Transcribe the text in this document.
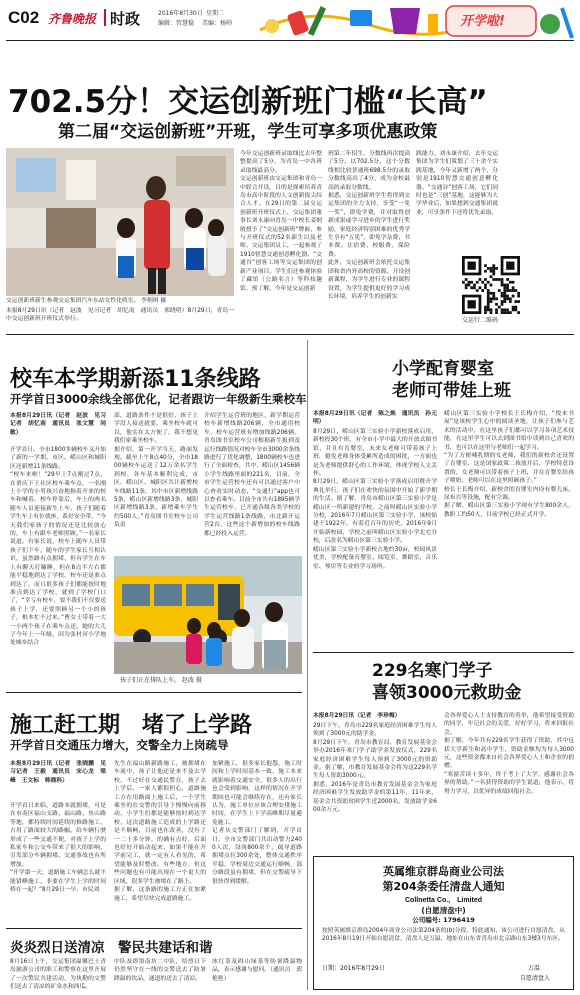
C02 齐鲁晚报 时政	2016年8月30日 星期二
编辑：管慧稳 美编：杨帅	开学啦!
702.5分！交运创新班门槛“长高”
第二届“交运创新班”开班，学生可享多项优惠政策
交运创新班新生参观交运集团汽车东站女性化收室。 李炳琪 摄
本报8月29日讯（记者　赵波　见习记者　胡忆南　通讯员　邢晓明）8月29日，青岛一中交运创新班开班仪式举行。
今年交运创新班录取线比去年整整提高了5分，为青岛一中各班录取线最高分。
交运创新班由交运集团和青岛一中联合开设，目的是探索培养青岛市高中阶段的人文创新拔尖综合人才。在29日的第二届交运创新班开班仪式上，交运集团董事长刘永康向青岛一中校长姜炳般授予了“交运创新班”牌匾，参与开班仪式的52名新生以及老师、交运集团员工，一起参观了1910智慧交通创意孵化器、“交通谷”创客工场等交运集团的创新产业项目，学生们还参观体验了藏馆（公路名言）等科技趣馆、预了解，今年是交运创新
班第二年招生，分数线再次提高了5分，以702.5分，这个分数线相比较普通班698.5分的录取分数线高出了4分，成为金校最高的录取分数线。
据悉，交运创新班学生将得到交运集团的全力支持，享受“一免一奖”，即免学费，并对取得创新成果或学习进步的学生进行奖励，家庭经济特别困难的优秀学生享有“五免”，即免学杂费、书本费、住宿费、校服费、保险费。
此外，交运创新班会依托交运集团和省内外高校的资源，开设创新课程，为学生进行专业的课程设置，为学生提供更好的学习成长环境，培养学生的创新实
践能力。刘永康介绍，去年交运集团为学生们策划了三十余个实践基地，今年又新增了两个，分别是1910智慧交通创意孵化器、“交通谷”创客工场，它们同时也是“三创”基地，这能够为大学毕业后，如果想到交通集团就业，可享条件下还将优先录取。
交运行二维码
校车本学期新添11条线路
开学首日3000余线全部优化，记者跟访一年级新生乘校车
本报8月29日讯（记者　赵波　见习记者　胡忆南　通讯员　张文慧　同敏）
开学首日，全市1800多辆校车又开始了新的一学期，市区、崂山区和城阳区还新增11条线路。
“校车来啦！”29早上7点刚过7点，在重庆下王社区校车乘车点，一名刚上小学的小男孩兴奋地指着开来的校车和喊着，校车停靠后，车上的两名随车人员迎接新生上车。孩子们随着学生车上有位就座，系好安全带。“今天我们家孩子的情况还是比较放心的，车上有跟车老师照顾。”一名家长说道。有家长说，校车上随车人员带孩子们下车，随车的学生家长互相认识，虽然路有点拥堵，但有学生在车上有聊天打瞌睡，但在8点半左右都能平稳地到达了学校，校车还是准点到达了，而且很多孩子们都能按时地准点到达了学校，就到了学校门口了，“幸亏有校车，要不我们不仅要送孩子上学，还要照顾另一个小的孩子，根本忙不过来。”曹女士带着一大一小两个孩子在乘车点送，她的大儿子今年上一年级，因为张村河小学地处城乡结合
部，道路条件不是很好，孩子上学没人接送就要，乘坐校车就可以，他实在太方便了，我不想见我们家乘坐校车。
据介绍，第一开学当天，路面发现，截至上午8点40分，全市1800辆校车运送了12万余名学生到校，各车基本顺利完成，市区、崂山区、城阳区共计新增校车线路11条，其中市区新增线路5条，崂山区新增线路3条，城阳区新增线路3条，新增乘车学生约500人。”青岛图书室校车公司负责
介绍学生运营班的地区，新学期运营校车新增线路206辆，全市通用校车、校车运营班有增加线路206辆。青岛图书室校车公司根据新生报到及运行线路情况对校车全市3000余条线路进行了优化调整，1800辆校车也进行了全面检查，共中，崂山区1456辆小学生线路里面的221名，目前，全市学生运营校车还有可以通过客户中心查看实时动态，“交通行”app也可以查看乘车。目前全市共有1895辆学生运营校车，已开通各级各类学校的学生运营线路1条线路，市北新开运营2台，这些这个新增加的校车线路都已经投入运营。
孩子们正在排队上车。 赵波 摄
施工赶工期　堵了上学路
开学首日交通压力增大，交警全力上岗疏导
本报8月29日讯（记者　张晓鹏　见习记者　王毅　通讯员　宋心龙　梁峰　王文标　韩鼎科）
开学首日来临，道路本就拥堵，可是在市南区福山支路、福山路、鱼山路等地，都持续时间延续的修路施工，占用了路面较大的路幅，给车辆行驶形成了一些交通不便，对孩子上学的私家车和公交车带来了很大的影响，引发部分车辆拥堵、交通事故也有所增加。
“开学第一天，道路施工车辆怎么就不能错峰施工，非要在学生上学的时间桥在一起？”8月29日一早，市民刘
先生在福山路新路施工，被拥堵在车流中，孩子让他还是来不及去学校，不过好在交通民警在，孩子去上学后，一家人都很担心，道路施工方在用路面上施工后，一个学生乘坐的在交警的引导下慢慢向前移动，小学生们都是能够按时到达学校，这次道路施工造成的上学路还是不顺畅，目前也在改善，没有了一二十多分钟，的确有点好，后面也好好开始动起来，如果不能在开学前完工，就一定有人看见的，希望能够及时整改。有些地方，但这些问题也有可能出现在一个更大的区域，很多学生被堵在了路上。
据了解，这条路的施工方正在加紧施工，希望尽快完成道路施工。
加紧施工，很多家长抱怨，施工时间和上学时间基本一致，施工本来就影响着交通安全，很多人的出行也会受到影响，这样的情况在开学期间也可能会继续存在，还有家长认为，施工单位应该合理安排施工时间，在学生上下学高峰期尽量避免施工。
记者从交警部门了解到，开学首日，全市交警部门共出动警力2400人次，设岗800余个，疏导道路拥堵点位300余处，整体交通秩序平稳，学校周边交通运行顺畅，部分路段虽有拥堵，但在交警疏导下很快得到缓解。
炎炎烈日送清凉　警民共建话和谐
8月16日上午，交运集团温馨巴士青岛旅游公司的职工和警察在这里开展了一次警民共建活动，为执勤的交警们送去了清凉的矿泉水和西瓜。
中队及即墨南坊二中队，给烈日下仍然坚守在一线的交警送去了防暑降温的饮品，通道的送去了清凉。
冰红茶及碍山绿茶等防暑降温物品，表示感谢与慰问。（通讯员　郭艳艳）
小学配育婴室
老师可带娃上班
本报8月29日讯（记者　陈之焕　通讯员　孙元明）
8月29日，崂山区第三实验小学新校落成启用，新校投30个班，有全市小学中最大的开放式图书馆，并且有育婴室，未来女老师可带着孩子上班，避免老师身体受累所造成的困扰，一方面也是为老师提供舒心的工作环境，体现学校人文关怀。
8月29日，崂山区第三实验小学落成启用暨开学典礼举行，孩子们在欢快的氛围中开始了新学期的生活。据了解，青岛市崂山区第三实验小学是崂山区一所新建的学校，之前叫崂山区实验小学分校，2016年7月崂山区第三实验小学，该校始建于1922年，有着近百年的历史，2016年9月开始新校园，学校之前叫崂山区实验小学北宅分校，后改名为崂山区第三实验小学。
崂山区第三实验小学新校占地约30亩，校园风景优美，学校配备育婴室、阅览室、舞蹈室、音乐室、琴房等专业的学习场所。
崂山区第三实验小学校长王长梅介绍，“悦来书屋”是该校学生心中的阅读圣地，让孩子们参与艺术的活动中，在这里孩子们都可以学习各项艺术技能，在这里学生可以去到图书馆中读到自己喜欢的书，也可以在这里与老师们一起学习。
“为了方便哺乳期的女老师，我们的新校舍还设置了育婴室，这是国家政策二孩放开后，学校特意设置的，女老师可以带着孩子上班，并在育婴室给孩子喂奶，老师可以在这里照顾孩子。”
校长王长梅介绍，新校舍的育婴室内设有婴儿床、尿布台等设施，配有空调。
据了解，崂山区第三实验小学现有学生800余人，教职工约50人，目前学校已经正式开学。
229名寒门学子
喜领3000元救助金
本报8月29日讯（记者　李珍梅）
29日下午，青岛市229名家庭经济困难学生每人领到了3000元的助学金。
8月29日下午，青岛市教育局、教育发展基金会举办2016年寒门学子助学金发放仪式，229名家庭经济困难学生每人领到了3000元的资助金。据了解，市教育发展基金会将为这229名学生每人资助3000元。
据悉，2016年是青岛市教育发展基金会为家庭经济困难学生发放助学金的第11年，11年来，基金会共资助贫困学生近2000名，发放助学金600余万元。
会各界爱心人士支持教育的善举，他希望接受资助的同学，牢记社会的关爱，好好学习，将来回报社会。
据了解，今年共有229名学生获得了资助，其中包括大学新生和高中学生，资助金额均为每人3000元，这些资金都来自社会各界爱心人士和企业的捐赠。
“寒窗苦读十多年，终于考上了大学，感谢社会各界的帮助。”一名获得资助的学生说道，他表示，将努力学习，以优异的成绩回报社会。
英属维京群岛商业公司法
第204条委任清盘人通知
Collnetta Co.,　Limited
(自愿清盘中)
公司编号: 1796419
按照英属维京群岛2004年商业公司法第204条的(b)分段，特此通知，该公司进行自愿清盘，从2016年8月19日开始自愿清盘，清盘人是万温，地址在山东省青岛市北京路山东3楼3号东区。
日期：2016年8月29日	万温
自愿清盘人
